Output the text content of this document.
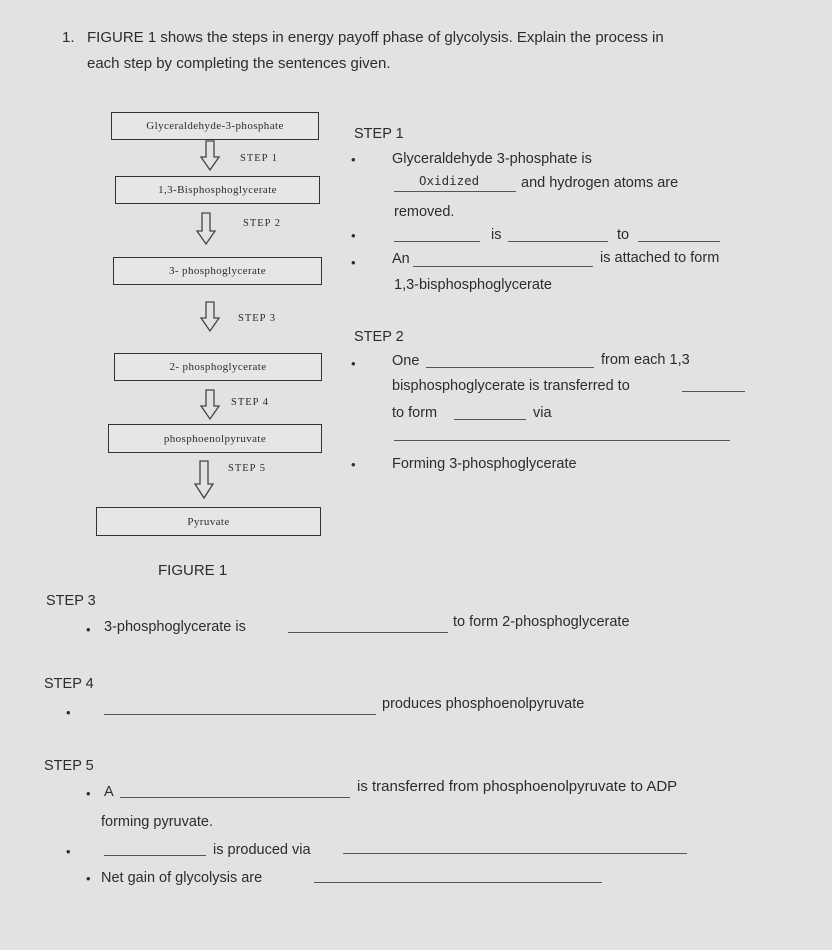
1. FIGURE 1 shows the steps in energy payoff phase of glycolysis. Explain the process in
each step by completing the sentences given.
Glyceraldehyde-3-phosphate
STEP 1
1,3-Bisphosphoglycerate
STEP 2
3- phosphoglycerate
STEP 3
2- phosphoglycerate
STEP 4
phosphoenolpyruvate
STEP 5
Pyruvate
FIGURE 1
STEP 1
•	Glyceraldehyde 3-phosphate is
Oxidized	and hydrogen atoms are
removed.
•	is	to
•	An	is attached to form
1,3-bisphosphoglycerate
STEP 2
•	One	from each 1,3
bisphosphoglycerate is transferred to
to form	via
•	Forming 3-phosphoglycerate
STEP 3
• 3-phosphoglycerate is	to form 2-phosphoglycerate
STEP 4
•
produces phosphoenolpyruvate
STEP 5
• A	is transferred from phosphoenolpyruvate to ADP
forming pyruvate.
•	is produced via
• Net gain of glycolysis are
